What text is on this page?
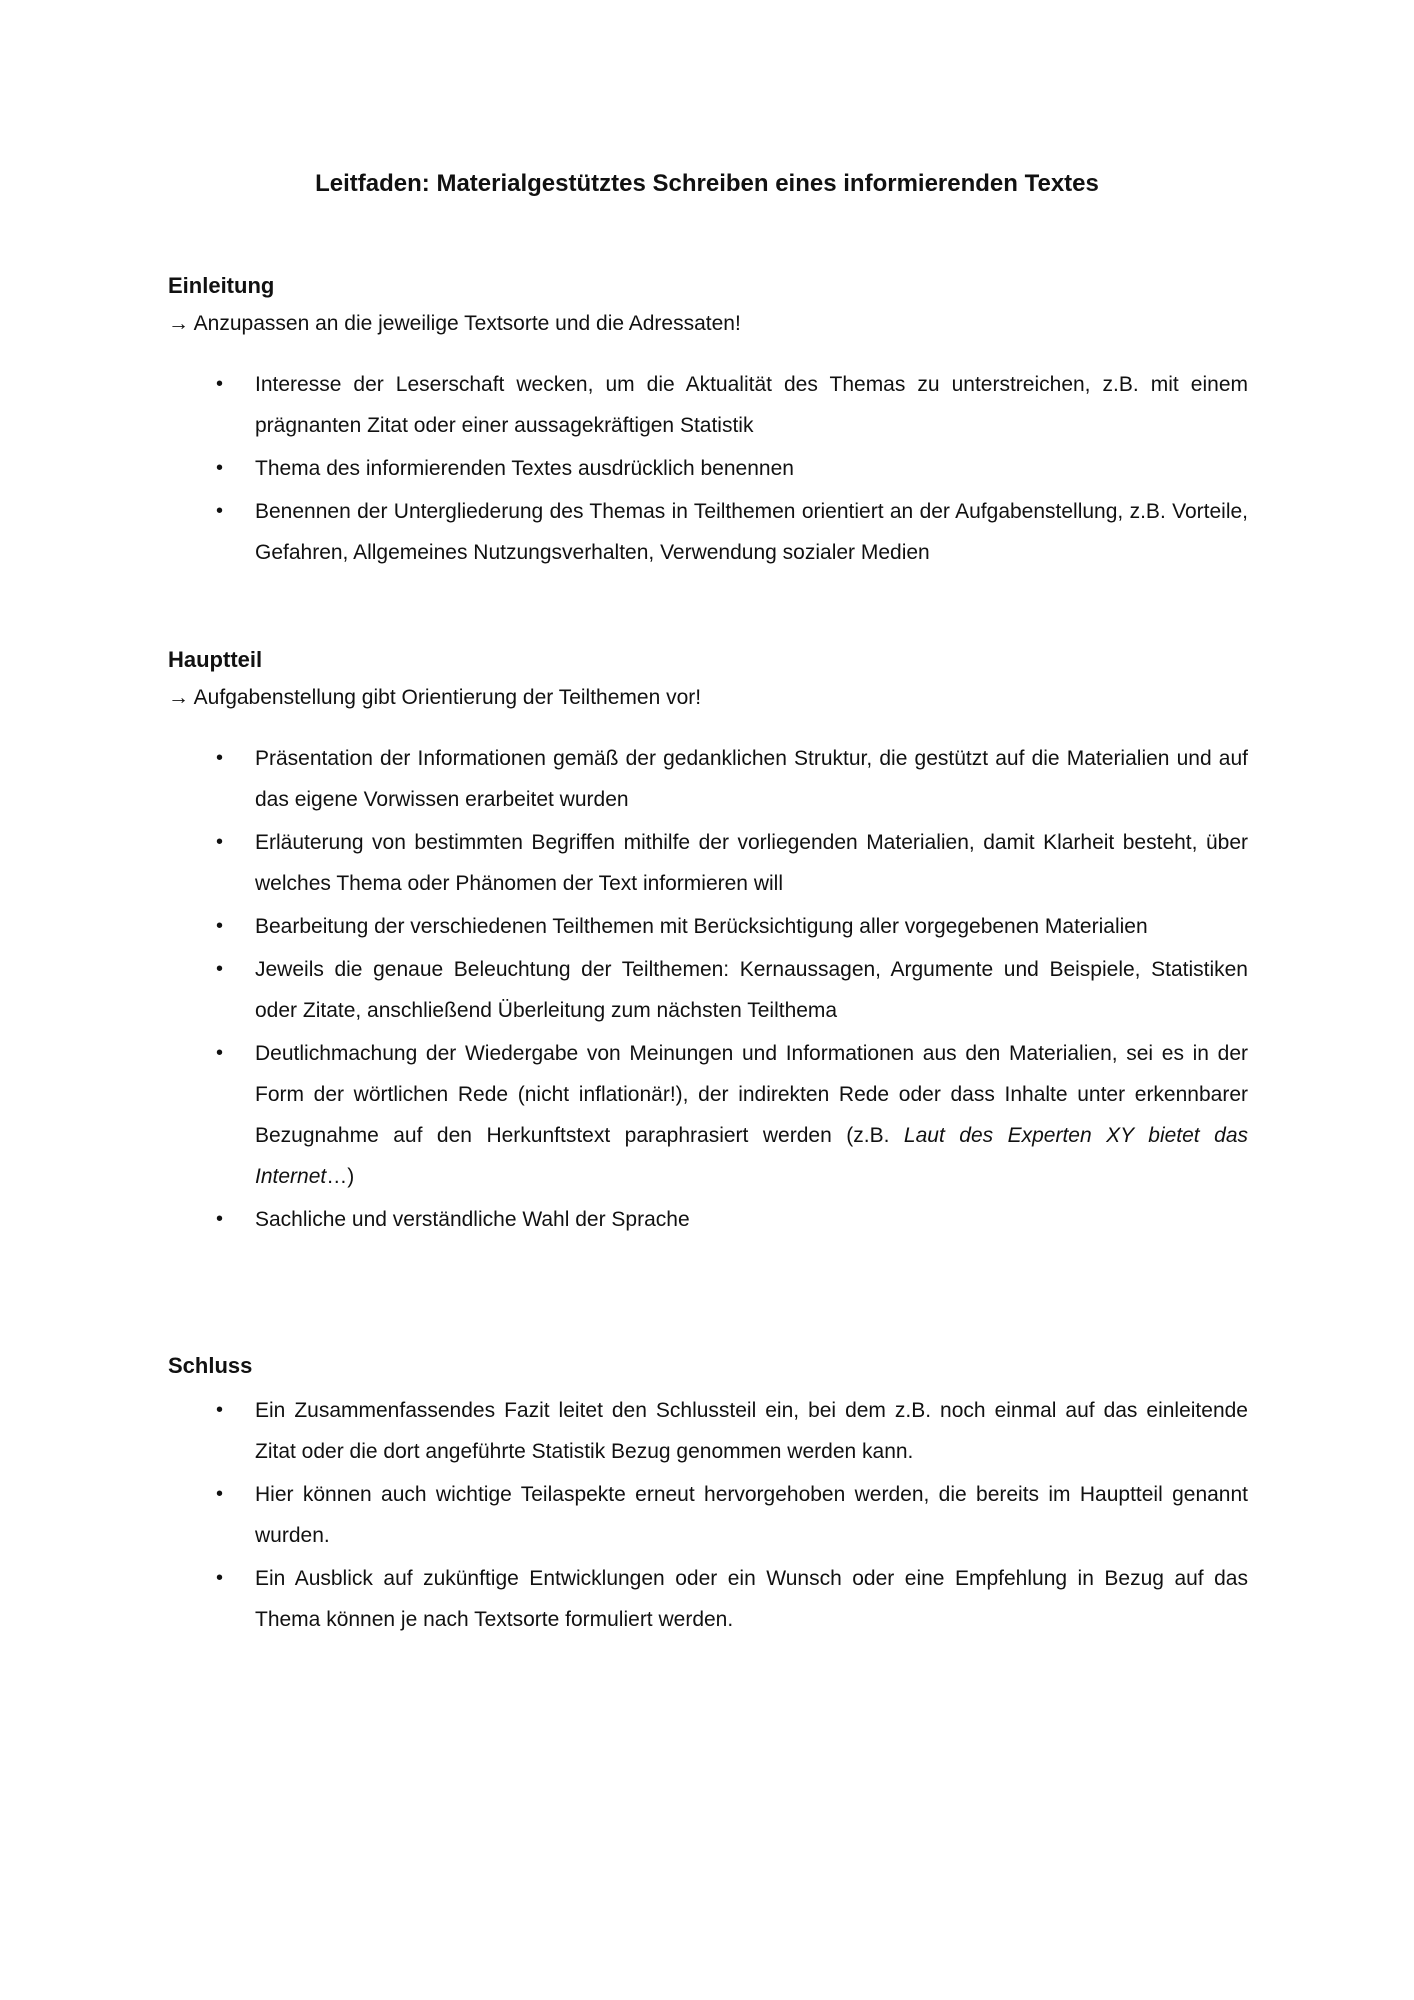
Leitfaden: Materialgestütztes Schreiben eines informierenden Textes
Einleitung

→ Anzupassen an die jeweilige Textsorte und die Adressaten!

• Interesse der Leserschaft wecken, um die Aktualität des Themas zu unterstreichen, z.B. mit einem prägnanten Zitat oder einer aussagekräftigen Statistik
• Thema des informierenden Textes ausdrücklich benennen
• Benennen der Untergliederung des Themas in Teilthemen orientiert an der Aufgabenstellung, z.B. Vorteile, Gefahren, Allgemeines Nutzungsverhalten, Verwendung sozialer Medien
Hauptteil

→ Aufgabenstellung gibt Orientierung der Teilthemen vor!

• Präsentation der Informationen gemäß der gedanklichen Struktur, die gestützt auf die Materialien und auf das eigene Vorwissen erarbeitet wurden
• Erläuterung von bestimmten Begriffen mithilfe der vorliegenden Materialien, damit Klarheit besteht, über welches Thema oder Phänomen der Text informieren will
• Bearbeitung der verschiedenen Teilthemen mit Berücksichtigung aller vorgegebenen Materialien
• Jeweils die genaue Beleuchtung der Teilthemen: Kernaussagen, Argumente und Beispiele, Statistiken oder Zitate, anschließend Überleitung zum nächsten Teilthema
• Deutlichmachung der Wiedergabe von Meinungen und Informationen aus den Materialien, sei es in der Form der wörtlichen Rede (nicht inflationär!), der indirekten Rede oder dass Inhalte unter erkennbarer Bezugnahme auf den Herkunftstext paraphrasiert werden (z.B. Laut des Experten XY bietet das Internet…)
• Sachliche und verständliche Wahl der Sprache
Schluss
• Ein Zusammenfassendes Fazit leitet den Schlussteil ein, bei dem z.B. noch einmal auf das einleitende Zitat oder die dort angeführte Statistik Bezug genommen werden kann.
• Hier können auch wichtige Teilaspekte erneut hervorgehoben werden, die bereits im Hauptteil genannt wurden.
• Ein Ausblick auf zukünftige Entwicklungen oder ein Wunsch oder eine Empfehlung in Bezug auf das Thema können je nach Textsorte formuliert werden.
